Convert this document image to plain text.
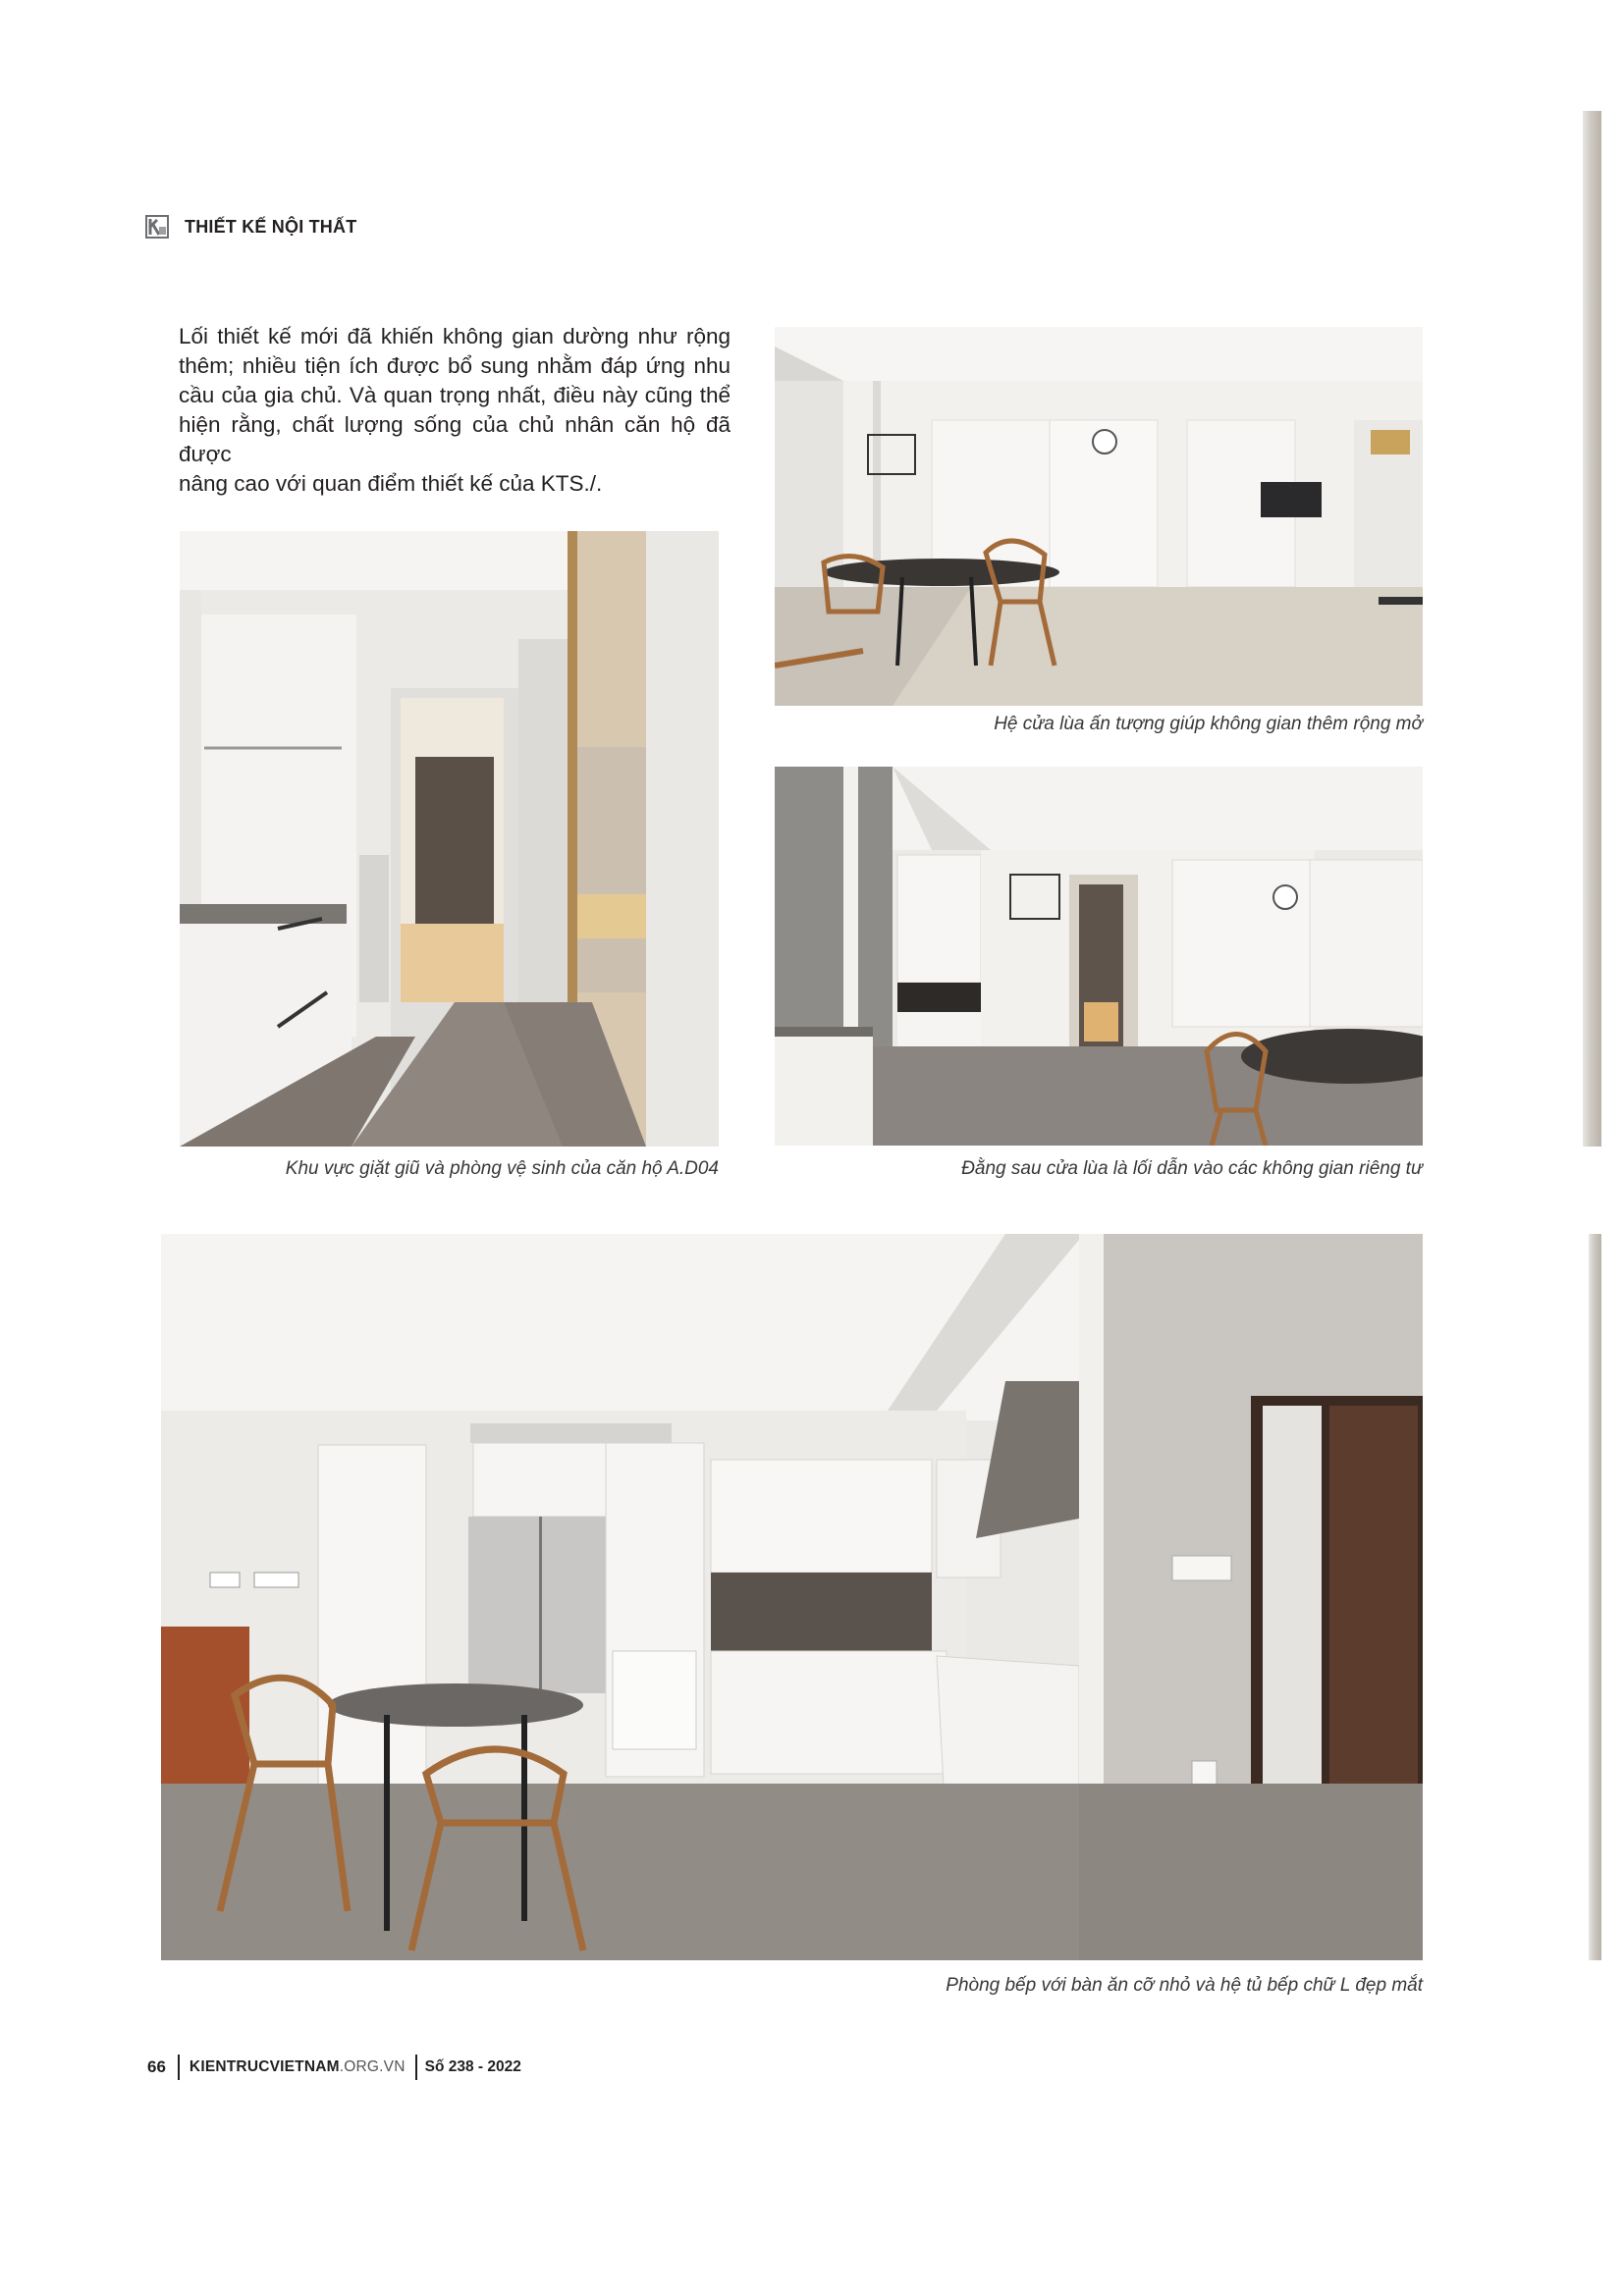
THIẾT KẾ NỘI THẤT
Lối thiết kế mới đã khiến không gian dường như rộng
thêm; nhiều tiện ích được bổ sung nhằm đáp ứng nhu
cầu của gia chủ. Và quan trọng nhất, điều này cũng thể
hiện rằng, chất lượng sống của chủ nhân căn hộ đã được
nâng cao với quan điểm thiết kế của KTS./.
Hệ cửa lùa ấn tượng giúp không gian thêm rộng mở
Khu vực giặt giũ và phòng vệ sinh của căn hộ A.D04	Đằng sau cửa lùa là lối dẫn vào các không gian riêng tư
Phòng bếp với bàn ăn cỡ nhỏ và hệ tủ bếp chữ L đẹp mắt
66	KIENTRUCVIETNAM.ORG.VN	Số 238 - 2022
